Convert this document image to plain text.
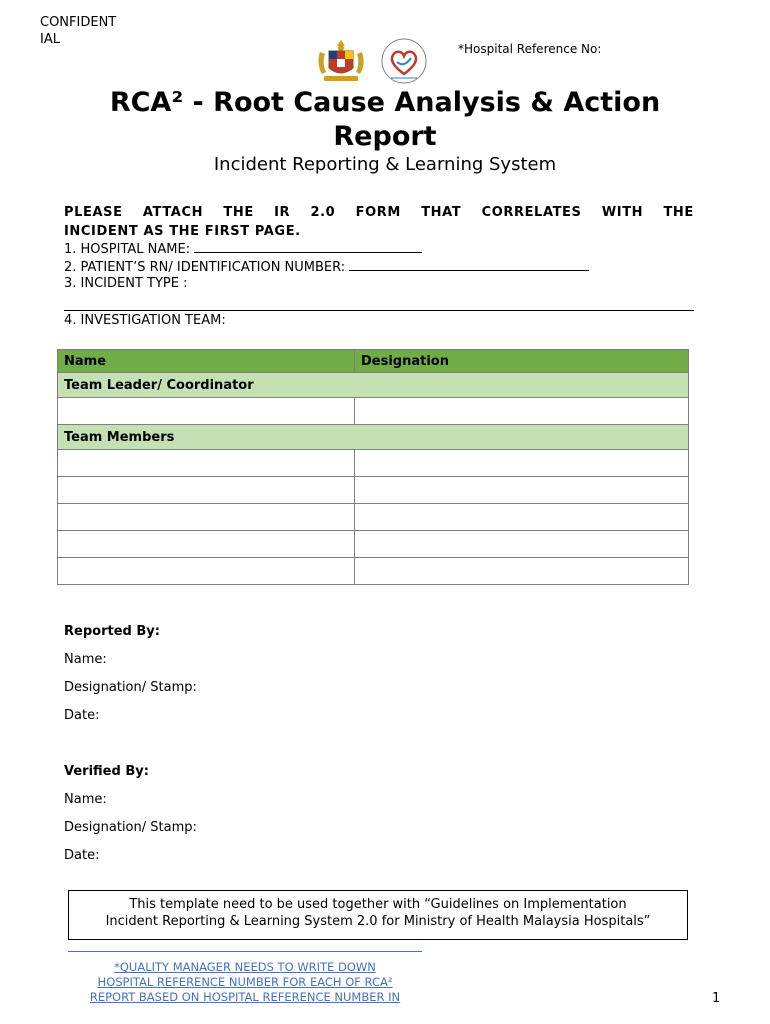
CONFIDENT
IAL
*Hospital Reference No:
RCA² - Root Cause Analysis & Action
Report
Incident Reporting & Learning System
PLEASE ATTACH THE IR 2.0 FORM THAT CORRELATES WITH THE
INCIDENT AS THE FIRST PAGE.
1. HOSPITAL NAME:
2. PATIENT’S RN/ IDENTIFICATION NUMBER:
3. INCIDENT TYPE :
4. INVESTIGATION TEAM:
Name	Designation
Team Leader/ Coordinator	

Team Members	

Reported By:
Name:
Designation/ Stamp:
Date:
Verified By:
Name:
Designation/ Stamp:
Date:
This template need to be used together with “Guidelines on Implementation
Incident Reporting & Learning System 2.0 for Ministry of Health Malaysia Hospitals”
*QUALITY MANAGER NEEDS TO WRITE DOWN
HOSPITAL REFERENCE NUMBER FOR EACH OF RCA²
REPORT BASED ON HOSPITAL REFERENCE NUMBER IN	1
